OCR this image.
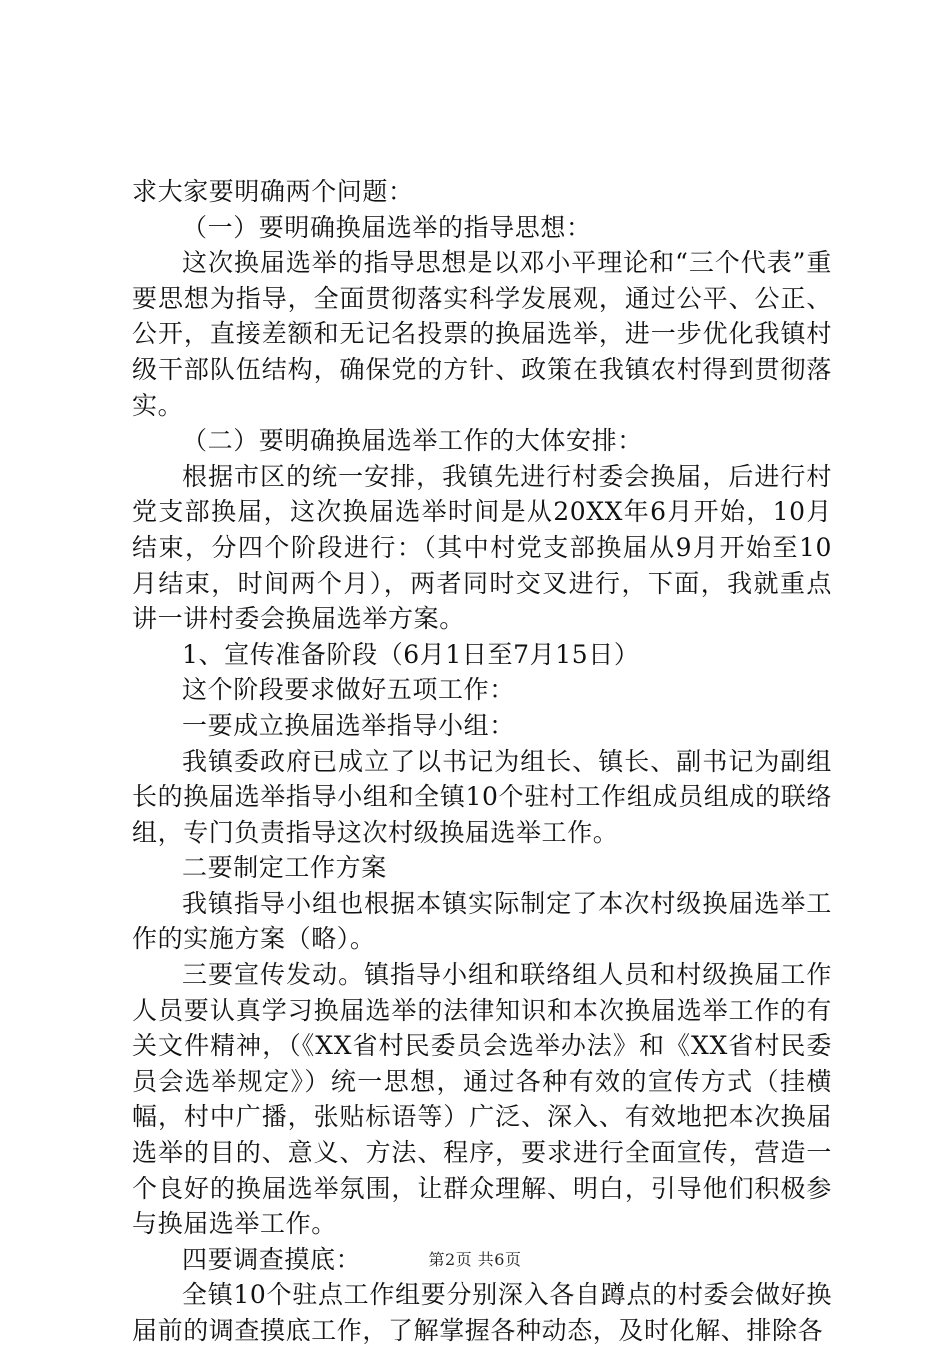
求大家要明确两个问题：

（一）要明确换届选举的指导思想：

这次换届选举的指导思想是以邓小平理论和“三个代表”重要思想为指导，全面贯彻落实科学发展观，通过公平、公正、公开，直接差额和无记名投票的换届选举，进一步优化我镇村级干部队伍结构，确保党的方针、政策在我镇农村得到贯彻落实。

（二）要明确换届选举工作的大体安排：

根据市区的统一安排，我镇先进行村委会换届，后进行村党支部换届，这次换届选举时间是从20XX年6月开始，10月结束，分四个阶段进行：（其中村党支部换届从9月开始至10月结束，时间两个月），两者同时交叉进行，下面，我就重点讲一讲村委会换届选举方案。

1、宣传准备阶段（6月1日至7月15日）

这个阶段要求做好五项工作：

一要成立换届选举指导小组：

我镇委政府已成立了以书记为组长、镇长、副书记为副组长的换届选举指导小组和全镇10个驻村工作组成员组成的联络组，专门负责指导这次村级换届选举工作。

二要制定工作方案

我镇指导小组也根据本镇实际制定了本次村级换届选举工作的实施方案（略）。

三要宣传发动。镇指导小组和联络组人员和村级换届工作人员要认真学习换届选举的法律知识和本次换届选举工作的有关文件精神，（《XX省村民委员会选举办法》和《XX省村民委员会选举规定》）统一思想，通过各种有效的宣传方式（挂横幅，村中广播，张贴标语等）广泛、深入、有效地把本次换届选举的目的、意义、方法、程序，要求进行全面宣传，营造一个良好的换届选举氛围，让群众理解、明白，引导他们积极参与换届选举工作。

四要调查摸底：

全镇10个驻点工作组要分别深入各自蹲点的村委会做好换届前的调查摸底工作，了解掌握各种动态，及时化解、排除各

第2页 共6页
